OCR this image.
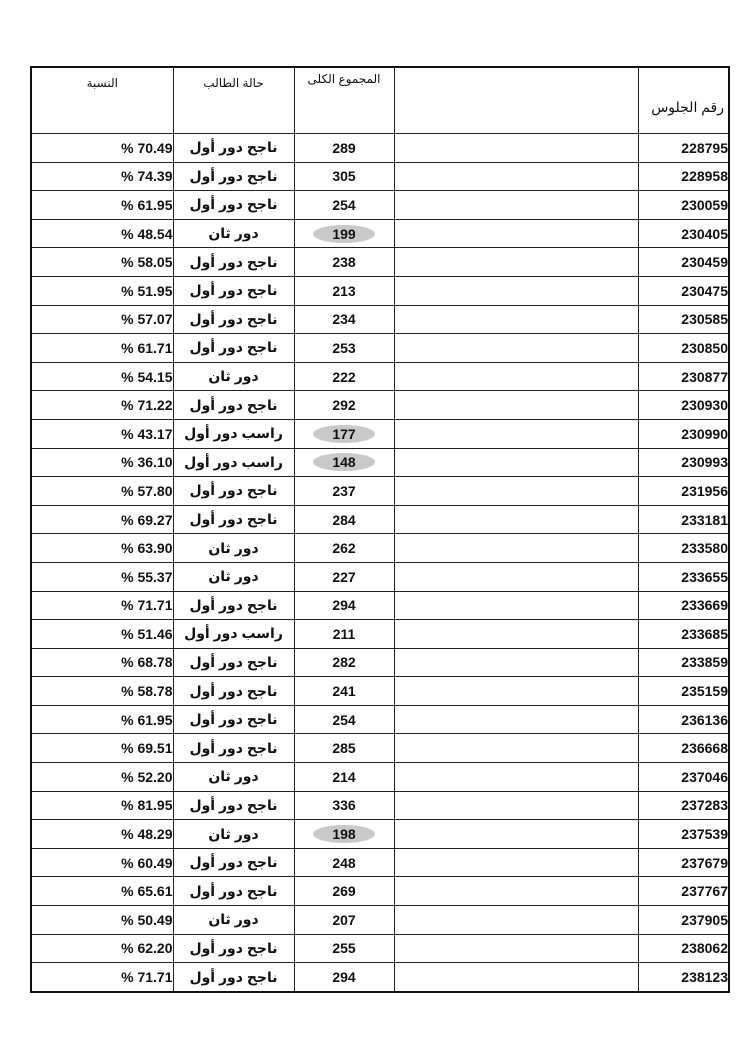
النسبة	حالة الطالب	المجموع الكلى		رقم الجلوس
% 70.49	ناجح دور أول	289		228795
% 74.39	ناجح دور أول	305		228958
% 61.95	ناجح دور أول	254		230059
% 48.54	دور ثان	199		230405
% 58.05	ناجح دور أول	238		230459
% 51.95	ناجح دور أول	213		230475
% 57.07	ناجح دور أول	234		230585
% 61.71	ناجح دور أول	253		230850
% 54.15	دور ثان	222		230877
% 71.22	ناجح دور أول	292		230930
% 43.17	راسب دور أول	177		230990
% 36.10	راسب دور أول	148		230993
% 57.80	ناجح دور أول	237		231956
% 69.27	ناجح دور أول	284		233181
% 63.90	دور ثان	262		233580
% 55.37	دور ثان	227		233655
% 71.71	ناجح دور أول	294		233669
% 51.46	راسب دور أول	211		233685
% 68.78	ناجح دور أول	282		233859
% 58.78	ناجح دور أول	241		235159
% 61.95	ناجح دور أول	254		236136
% 69.51	ناجح دور أول	285		236668
% 52.20	دور ثان	214		237046
% 81.95	ناجح دور أول	336		237283
% 48.29	دور ثان	198		237539
% 60.49	ناجح دور أول	248		237679
% 65.61	ناجح دور أول	269		237767
% 50.49	دور ثان	207		237905
% 62.20	ناجح دور أول	255		238062
% 71.71	ناجح دور أول	294		238123
